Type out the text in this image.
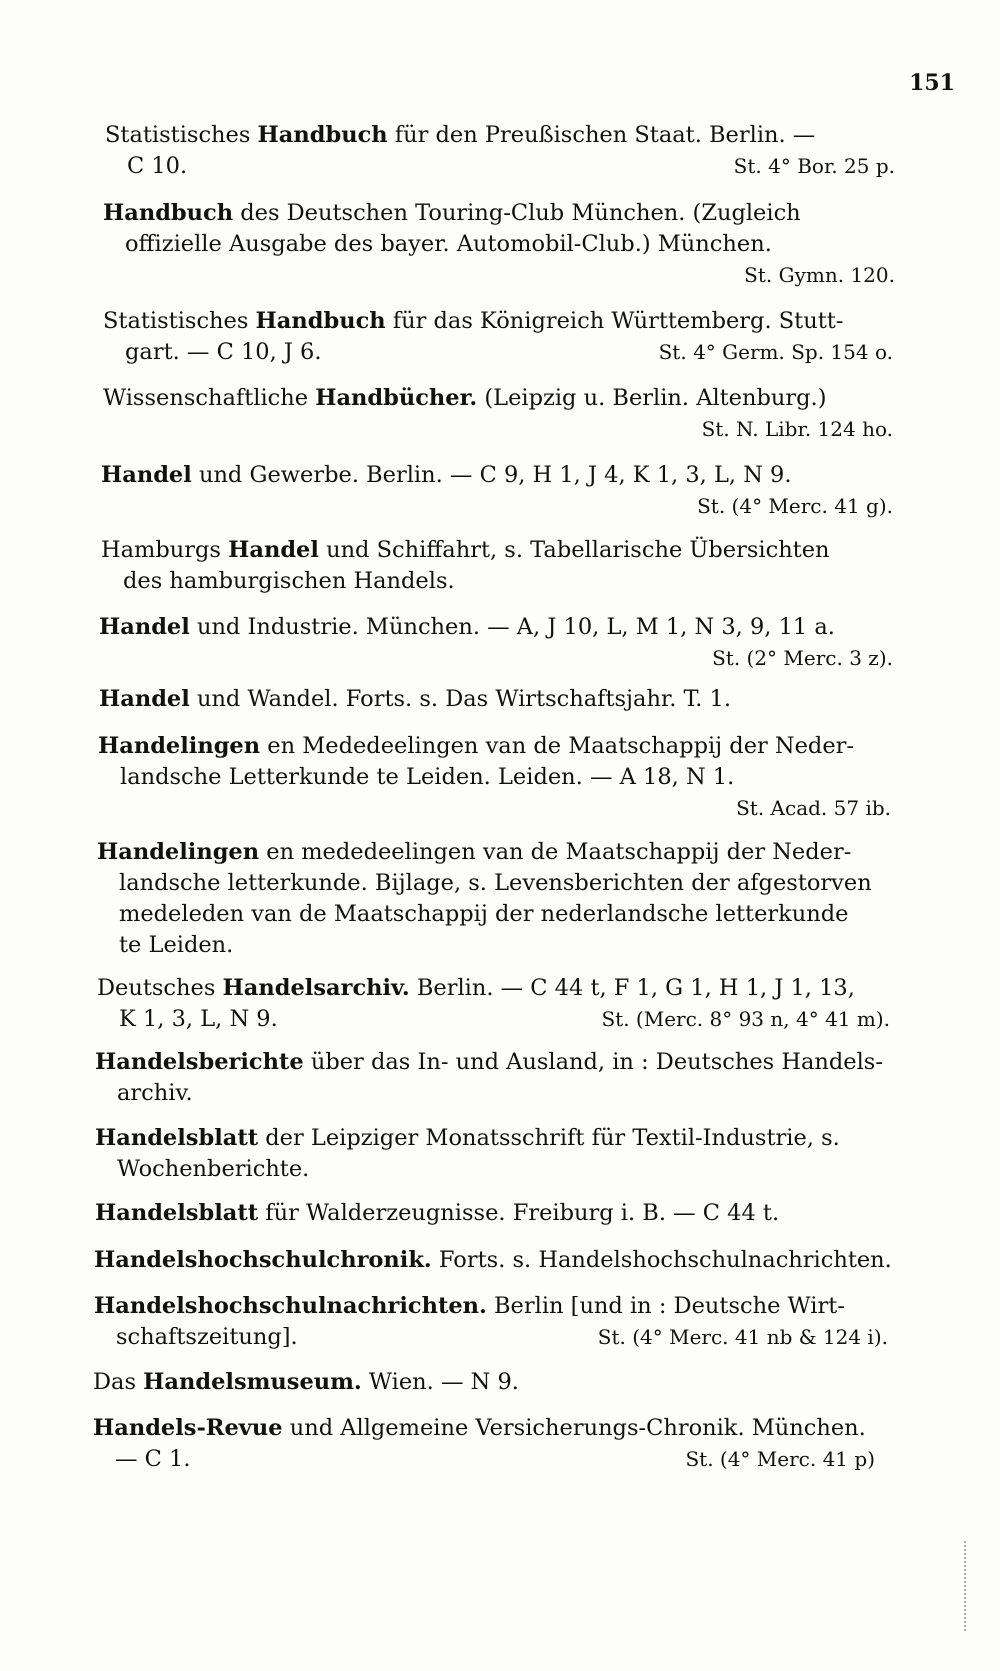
151
Statistisches Handbuch für den Preußischen Staat. Berlin. —
C 10.	St. 4° Bor. 25 p.
Handbuch des Deutschen Touring-Club München. (Zugleich
offizielle Ausgabe des bayer. Automobil-Club.) München.
St. Gymn. 120.
Statistisches Handbuch für das Königreich Württemberg. Stutt-
gart. — C 10, J 6.	St. 4° Germ. Sp. 154 o.
Wissenschaftliche Handbücher. (Leipzig u. Berlin. Altenburg.)
St. N. Libr. 124 ho.
Handel und Gewerbe. Berlin. — C 9, H 1, J 4, K 1, 3, L, N 9.
St. (4° Merc. 41 g).
Hamburgs Handel und Schiffahrt, s. Tabellarische Übersichten
des hamburgischen Handels.
Handel und Industrie. München. — A, J 10, L, M 1, N 3, 9, 11 a.
St. (2° Merc. 3 z).
Handel und Wandel. Forts. s. Das Wirtschaftsjahr. T. 1.
Handelingen en Mededeelingen van de Maatschappij der Neder-
landsche Letterkunde te Leiden. Leiden. — A 18, N 1.
St. Acad. 57 ib.
Handelingen en mededeelingen van de Maatschappij der Neder-
landsche letterkunde. Bijlage, s. Levensberichten der afgestorven
medeleden van de Maatschappij der nederlandsche letterkunde
te Leiden.
Deutsches Handelsarchiv. Berlin. — C 44 t, F 1, G 1, H 1, J 1, 13,
K 1, 3, L, N 9.	St. (Merc. 8° 93 n, 4° 41 m).
Handelsberichte über das In- und Ausland, in : Deutsches Handels-
archiv.
Handelsblatt der Leipziger Monatsschrift für Textil-Industrie, s.
Wochenberichte.
Handelsblatt für Walderzeugnisse. Freiburg i. B. — C 44 t.
Handelshochschulchronik. Forts. s. Handelshochschulnachrichten.
Handelshochschulnachrichten. Berlin [und in : Deutsche Wirt-
schaftszeitung].	St. (4° Merc. 41 nb & 124 i).
Das Handelsmuseum. Wien. — N 9.
Handels-Revue und Allgemeine Versicherungs-Chronik. München.
— C 1.	St. (4° Merc. 41 p)
